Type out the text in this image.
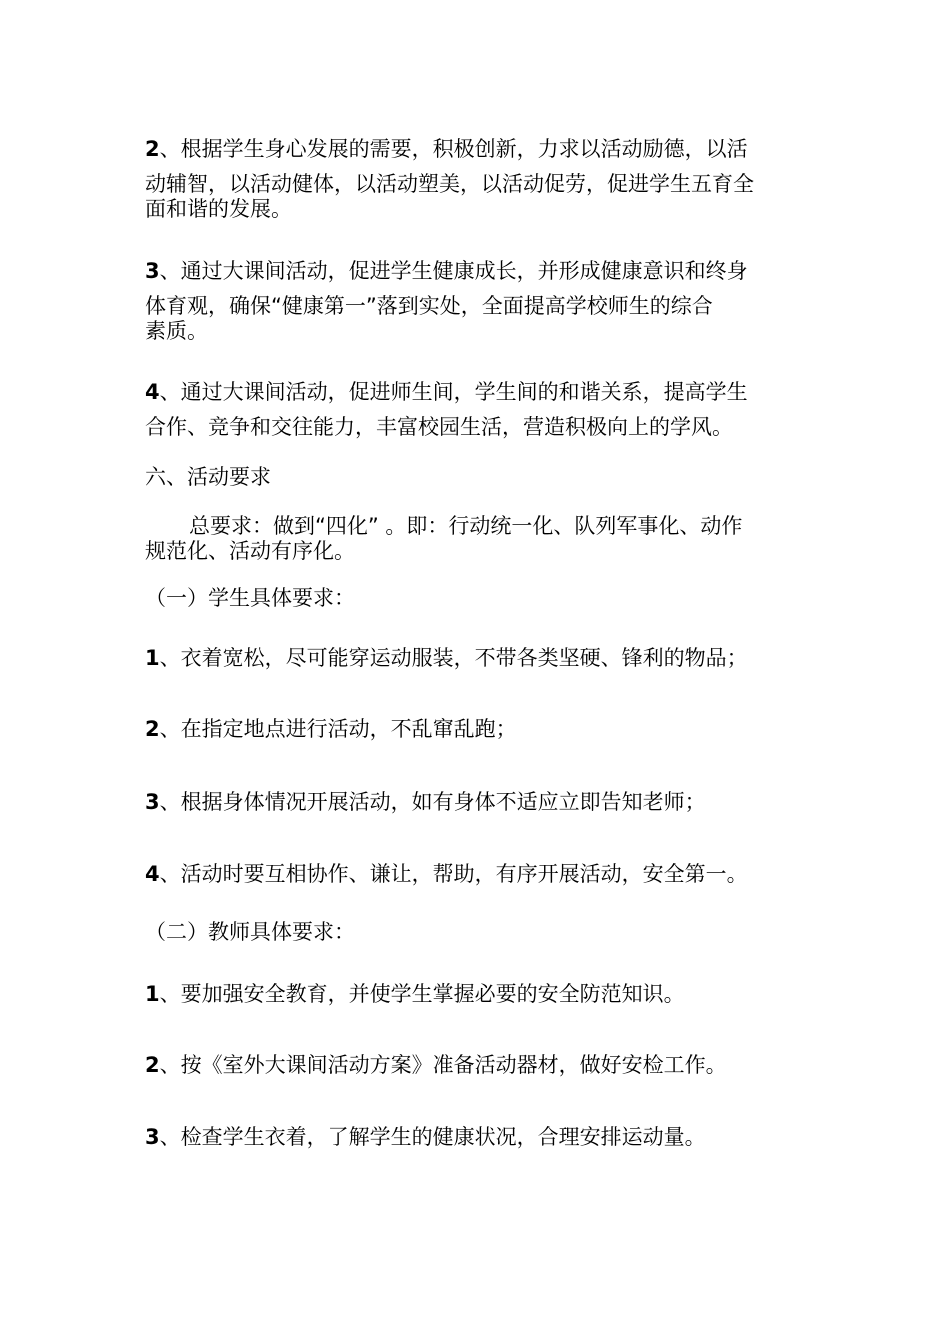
2、根据学生身心发展的需要，积极创新，力求以活动励德，以活
动辅智，以活动健体，以活动塑美，以活动促劳，促进学生五育全
面和谐的发展。
3、通过大课间活动，促进学生健康成长，并形成健康意识和终身
体育观，确保“健康第一”落到实处，全面提高学校师生的综合
素质。
4、通过大课间活动，促进师生间，学生间的和谐关系，提高学生
合作、竞争和交往能力，丰富校园生活，营造积极向上的学风。
六、活动要求
总要求：做到“四化” 。即：行动统一化、队列军事化、动作
规范化、活动有序化。
（一）学生具体要求：
1、衣着宽松，尽可能穿运动服装，不带各类坚硬、锋利的物品；
2、在指定地点进行活动，不乱窜乱跑；
3、根据身体情况开展活动，如有身体不适应立即告知老师；
4、活动时要互相协作、谦让，帮助，有序开展活动，安全第一。
（二）教师具体要求：
1、要加强安全教育，并使学生掌握必要的安全防范知识。
2、按《室外大课间活动方案》准备活动器材，做好安检工作。
3、检查学生衣着，了解学生的健康状况，合理安排运动量。
